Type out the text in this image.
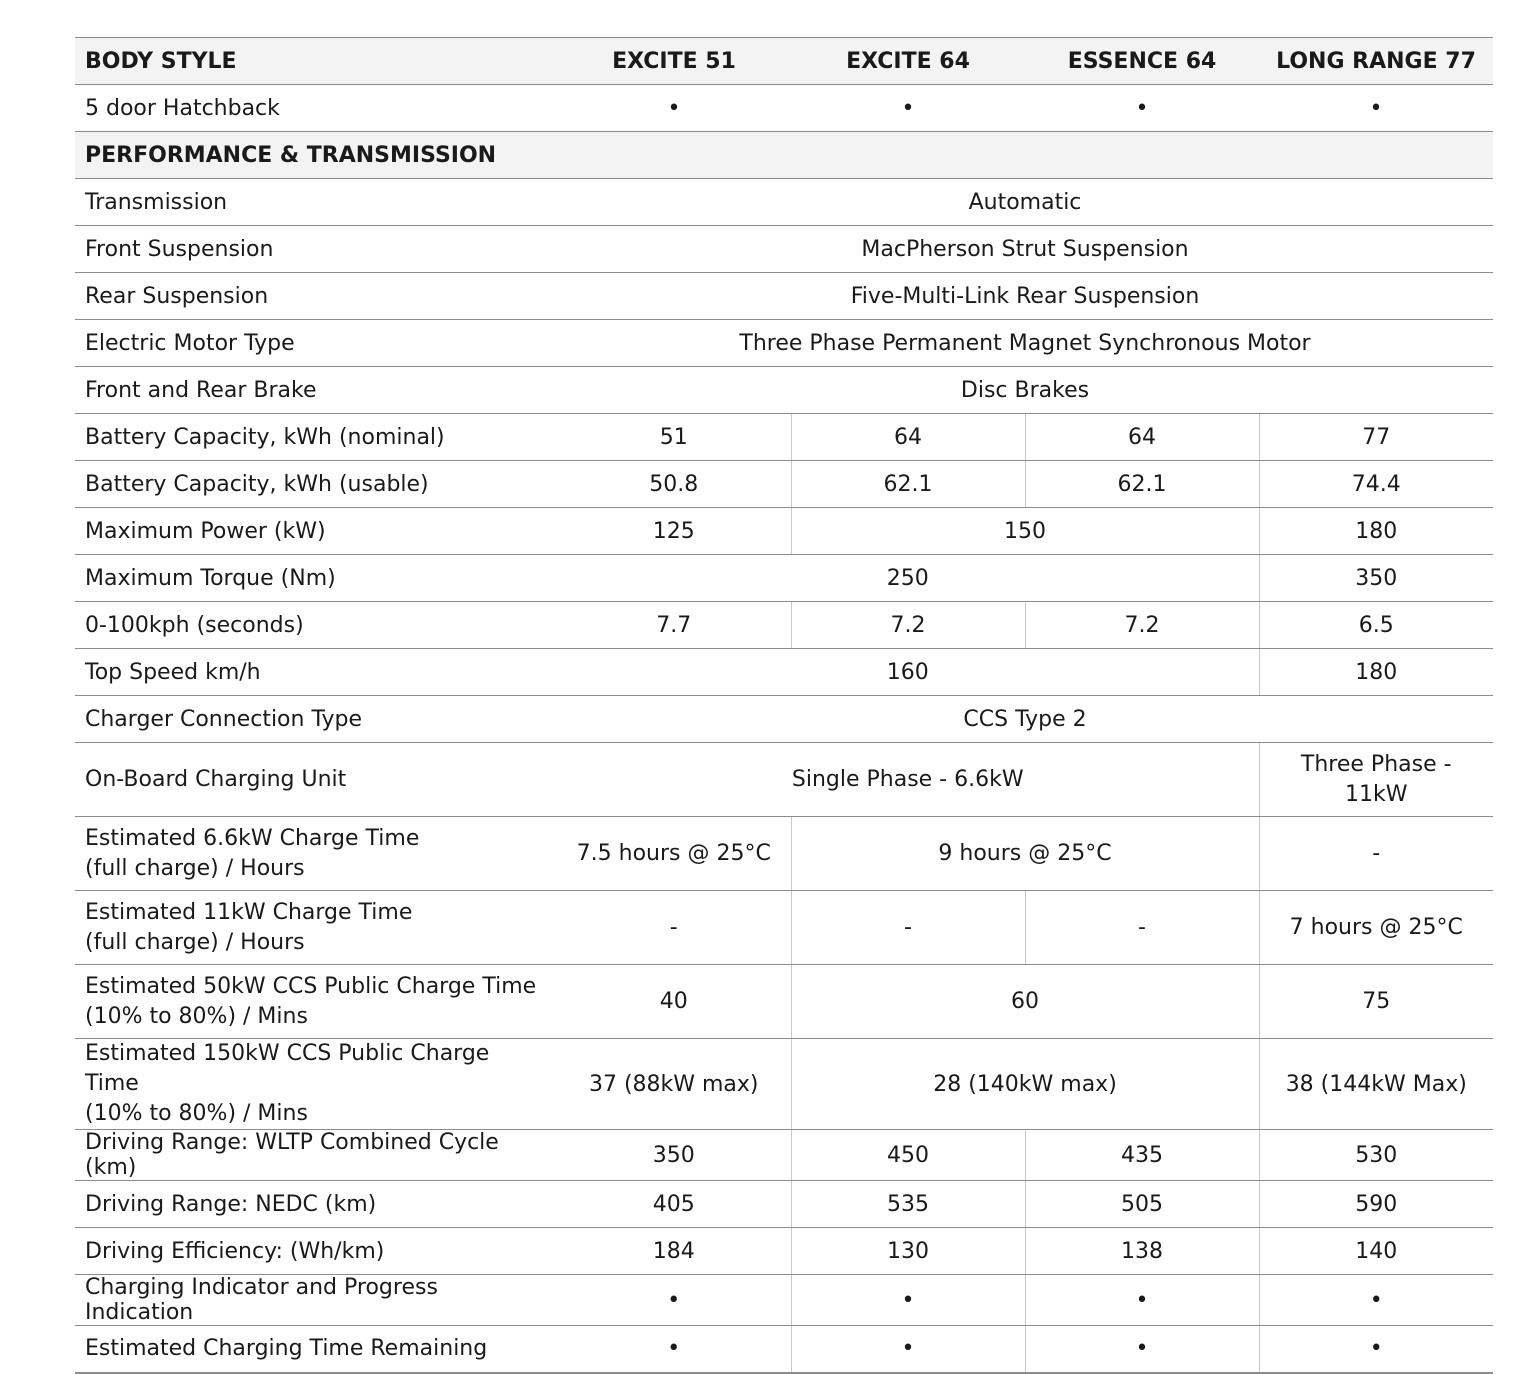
BODY STYLE	EXCITE 51	EXCITE 64	ESSENCE 64	LONG RANGE 77
5 door Hatchback	•	•	•	•
PERFORMANCE & TRANSMISSION				
Transmission	Automatic			
Front Suspension	MacPherson Strut Suspension			
Rear Suspension	Five-Multi-Link Rear Suspension			
Electric Motor Type	Three Phase Permanent Magnet Synchronous Motor			
Front and Rear Brake	Disc Brakes			
Battery Capacity, kWh (nominal)	51	64	64	77
Battery Capacity, kWh (usable)	50.8	62.1	62.1	74.4
Maximum Power (kW)	125	150		180
Maximum Torque (Nm)	250			350
0-100kph (seconds)	7.7	7.2	7.2	6.5
Top Speed km/h	160			180
Charger Connection Type	CCS Type 2			
On-Board Charging Unit	Single Phase - 6.6kW			Three Phase - 11kW
Estimated 6.6kW Charge Time
(full charge) / Hours	7.5 hours @ 25°C	9 hours @ 25°C		-
Estimated 11kW Charge Time
(full charge) / Hours	-	-	-	7 hours @ 25°C
Estimated 50kW CCS Public Charge Time
(10% to 80%) / Mins	40	60		75
Estimated 150kW CCS Public Charge Time
(10% to 80%) / Mins	37 (88kW max)	28 (140kW max)		38 (144kW Max)
Driving Range: WLTP Combined Cycle (km)	350	450	435	530
Driving Range: NEDC (km)	405	535	505	590
Driving Efficiency: (Wh/km)	184	130	138	140
Charging Indicator and Progress Indication	•	•	•	•
Estimated Charging Time Remaining	•	•	•	•
